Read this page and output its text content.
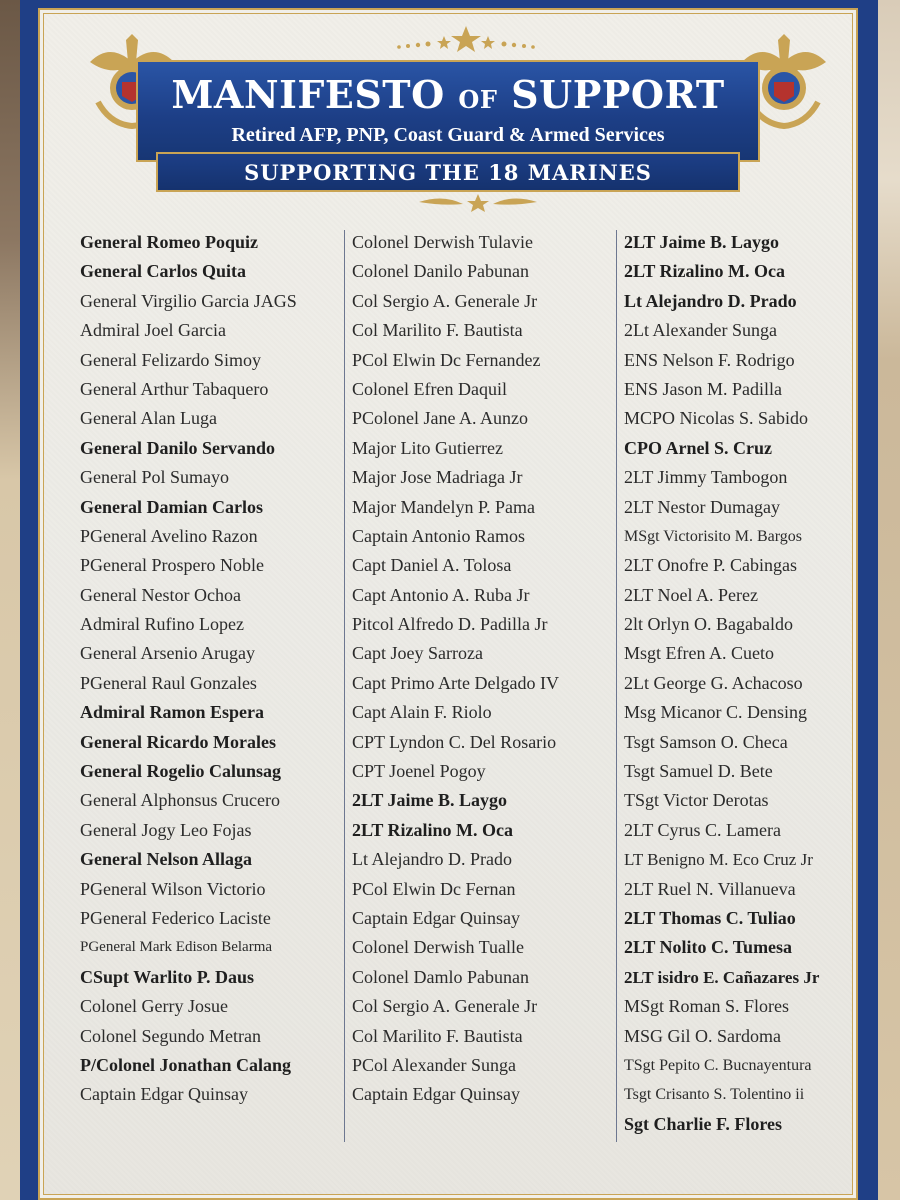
MANIFESTO OF SUPPORT
Retired AFP, PNP, Coast Guard & Armed Services
SUPPORTING THE 18 MARINES
General Romeo Poquiz
General Carlos Quita
General Virgilio Garcia JAGS
Admiral Joel Garcia
General Felizardo Simoy
General Arthur Tabaquero
General Alan Luga
General Danilo Servando
General Pol Sumayo
General Damian Carlos
PGeneral Avelino Razon
PGeneral Prospero Noble
General Nestor Ochoa
Admiral Rufino Lopez
General Arsenio Arugay
PGeneral Raul Gonzales
Admiral Ramon Espera
General Ricardo Morales
General Rogelio Calunsag
General Alphonsus Crucero
General Jogy Leo Fojas
General Nelson Allaga
PGeneral Wilson Victorio
PGeneral Federico Laciste
PGeneral Mark Edison Belarma
CSupt Warlito P. Daus
Colonel Gerry Josue
Colonel Segundo Metran
P/Colonel Jonathan Calang
Captain Edgar Quinsay
Colonel Derwish Tulavie
Colonel Danilo Pabunan
Col Sergio A. Generale Jr
Col Marilito F. Bautista
PCol Elwin Dc Fernandez
Colonel Efren Daquil
PColonel Jane A. Aunzo
Major Lito Gutierrez
Major Jose Madriaga Jr
Major Mandelyn P. Pama
Captain Antonio Ramos
Capt Daniel A. Tolosa
Capt Antonio A. Ruba Jr
Pitcol Alfredo D. Padilla Jr
Capt Joey Sarroza
Capt Primo Arte Delgado IV
Capt Alain F. Riolo
CPT Lyndon C. Del Rosario
CPT Joenel Pogoy
2LT Jaime B. Laygo
2LT Rizalino M. Oca
Lt Alejandro D. Prado
PCol Elwin Dc Fernan
Captain Edgar Quinsay
Colonel Derwish Tualle
Colonel Damlo Pabunan
Col Sergio A. Generale Jr
Col Marilito F. Bautista
PCol Alexander Sunga
Captain Edgar Quinsay
2LT Jaime B. Laygo
2LT Rizalino M. Oca
Lt Alejandro D. Prado
2Lt Alexander Sunga
ENS Nelson F. Rodrigo
ENS Jason M. Padilla
MCPO Nicolas S. Sabido
CPO Arnel S. Cruz
2LT Jimmy Tambogon
2LT Nestor Dumagay
MSgt Victorisito M. Bargos
2LT Onofre P. Cabingas
2LT Noel A. Perez
2lt Orlyn O. Bagabaldo
Msgt Efren A. Cueto
2Lt George G. Achacoso
Msg Micanor C. Densing
Tsgt Samson O. Checa
Tsgt Samuel D. Bete
TSgt Victor Derotas
2LT Cyrus C. Lamera
LT Benigno M. Eco Cruz Jr
2LT Ruel N. Villanueva
2LT Thomas C. Tuliao
2LT Nolito C. Tumesa
2LT isidro E. Cañazares Jr
MSgt Roman S. Flores
MSG Gil O. Sardoma
TSgt Pepito C. Bucnayentura
Tsgt Crisanto S. Tolentino ii
Sgt Charlie F. Flores
